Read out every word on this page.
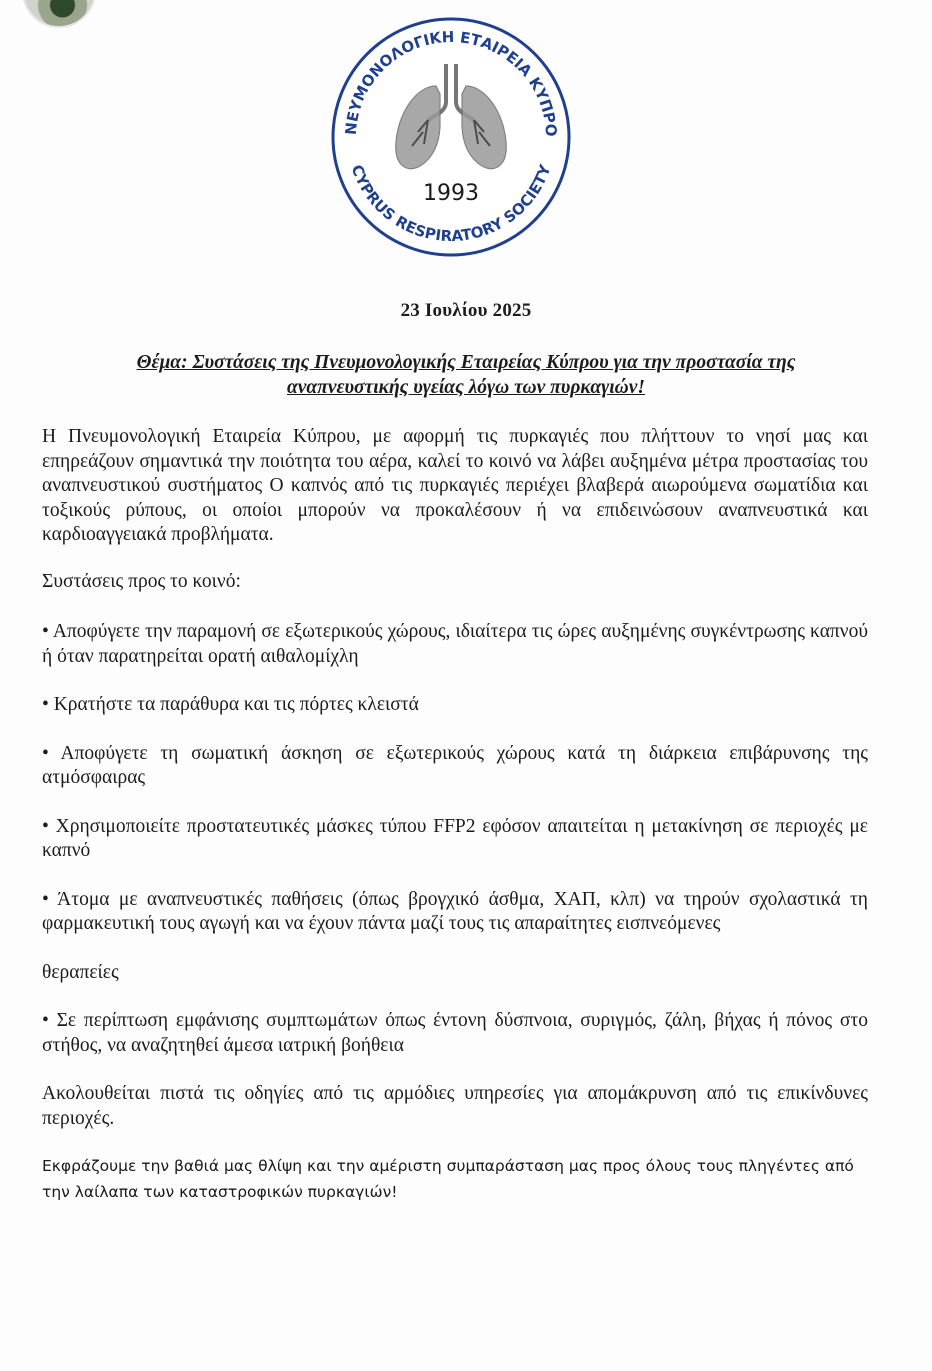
ΝΕΥΜΟΝΟΛΟΓΙΚΗ ΕΤΑΙΡΕΙΑ ΚΥΠΡΟ
CYPRUS RESPIRATORY SOCIETY
1993
23 Ιουλίου 2025
Θέμα: Συστάσεις της Πνευμονολογικής Εταιρείας Κύπρου για την προστασία της
αναπνευστικής υγείας λόγω των πυρκαγιών!

Η Πνευμονολογική Εταιρεία Κύπρου, με αφορμή τις πυρκαγιές που πλήττουν το νησί μας και επηρεάζουν σημαντικά την ποιότητα του αέρα, καλεί το κοινό να λάβει αυξημένα μέτρα προστασίας του αναπνευστικού συστήματος Ο καπνός από τις πυρκαγιές περιέχει βλαβερά αιωρούμενα σωματίδια και τοξικούς ρύπους, οι οποίοι μπορούν να προκαλέσουν ή να επιδεινώσουν αναπνευστικά και καρδιοαγγειακά προβλήματα.

Συστάσεις προς το κοινό:

• Αποφύγετε την παραμονή σε εξωτερικούς χώρους, ιδιαίτερα τις ώρες αυξημένης συγκέντρωσης καπνού ή όταν παρατηρείται ορατή αιθαλομίχλη

• Κρατήστε τα παράθυρα και τις πόρτες κλειστά

• Αποφύγετε τη σωματική άσκηση σε εξωτερικούς χώρους κατά τη διάρκεια επιβάρυνσης της ατμόσφαιρας

• Χρησιμοποιείτε προστατευτικές μάσκες τύπου FFP2 εφόσον απαιτείται η μετακίνηση σε περιοχές με καπνό

• Άτομα με αναπνευστικές παθήσεις (όπως βρογχικό άσθμα, ΧΑΠ, κλπ) να τηρούν σχολαστικά τη φαρμακευτική τους αγωγή και να έχουν πάντα μαζί τους τις απαραίτητες εισπνεόμενες

θεραπείες

• Σε περίπτωση εμφάνισης συμπτωμάτων όπως έντονη δύσπνοια, συριγμός, ζάλη, βήχας ή πόνος στο στήθος, να αναζητηθεί άμεσα ιατρική βοήθεια

Ακολουθείται πιστά τις οδηγίες από τις αρμόδιες υπηρεσίες για απομάκρυνση από τις επικίνδυνες περιοχές.

Εκφράζουμε την βαθιά μας θλίψη και την αμέριστη συμπαράσταση μας προς όλους τους πληγέντες από την λαίλαπα των καταστροφικών πυρκαγιών!
